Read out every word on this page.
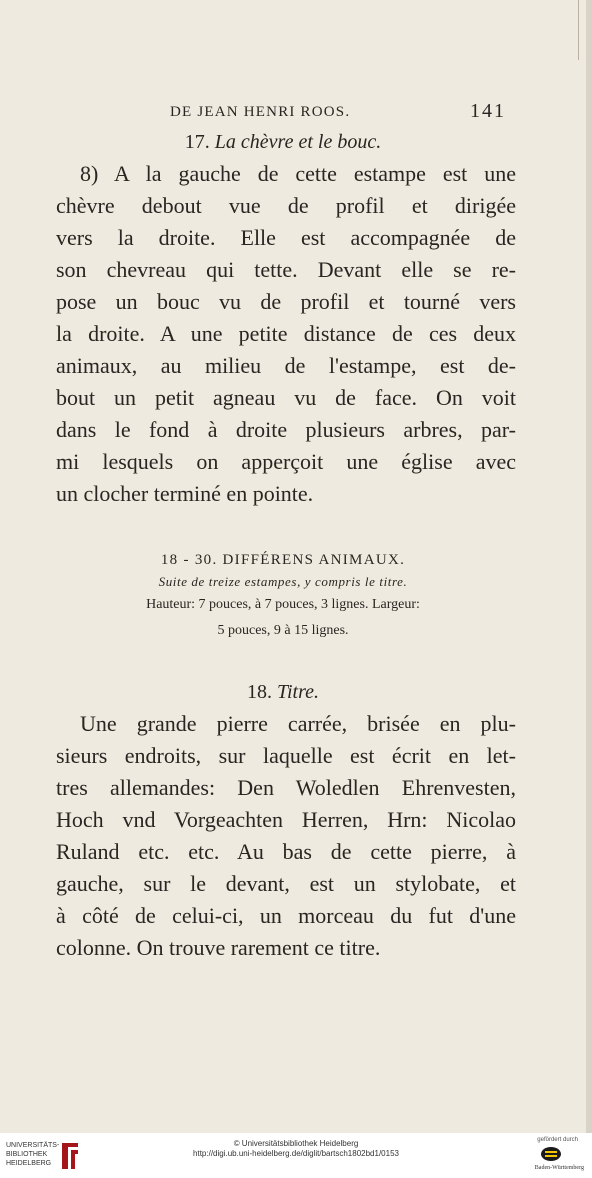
DE JEAN HENRI ROOS.	141

17. La chèvre et le bouc.

8) A la gauche de cette estampe est une
chèvre debout vue de profil et dirigée
vers la droite. Elle est accompagnée de
son chevreau qui tette. Devant elle se re-
pose un bouc vu de profil et tourné vers
la droite. A une petite distance de ces deux
animaux, au milieu de l'estampe, est de-
bout un petit agneau vu de face. On voit
dans le fond à droite plusieurs arbres, par-
mi lesquels on apperçoit une église avec
un clocher terminé en pointe.

18 - 30. DIFFÉRENS ANIMAUX.

Suite de treize estampes, y compris le titre.

Hauteur: 7 pouces, à 7 pouces, 3 lignes. Largeur:

5 pouces, 9 à 15 lignes.

18. Titre.

Une grande pierre carrée, brisée en plu-
sieurs endroits, sur laquelle est écrit en let-
tres allemandes: Den Woledlen Ehrenvesten,
Hoch vnd Vorgeachten Herren, Hrn: Nicolao
Ruland etc. etc. Au bas de cette pierre, à
gauche, sur le devant, est un stylobate, et
à côté de celui-ci, un morceau du fut d'une
colonne. On trouve rarement ce titre.
UNIVERSITÄTS-
BIBLIOTHEK
HEIDELBERG
© Universitätsbibliothek Heidelberg
http://digi.ub.uni-heidelberg.de/diglit/bartsch1802bd1/0153
gefördert durch
Baden-Württemberg
